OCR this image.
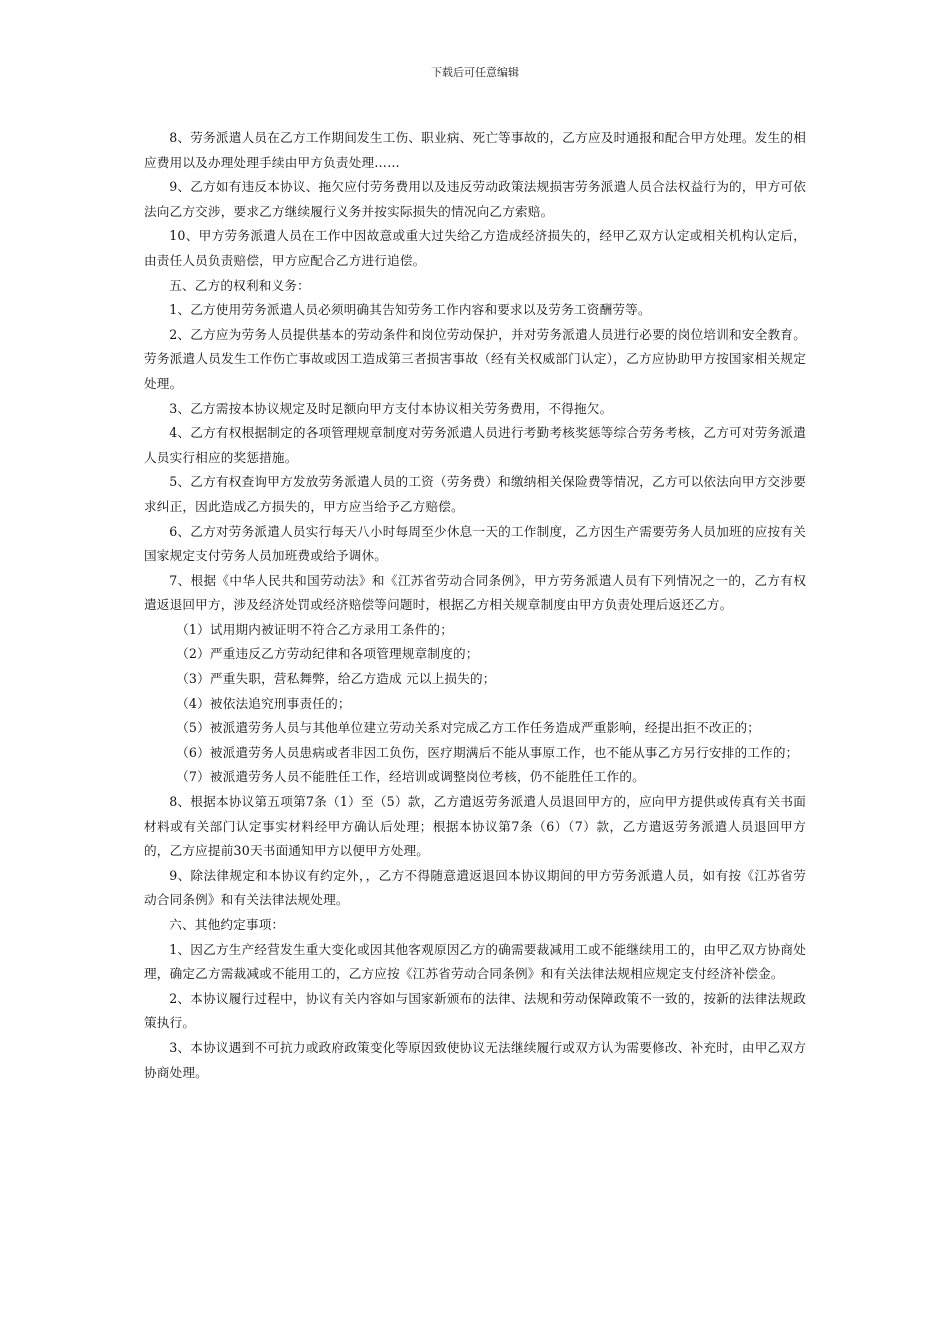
下载后可任意编辑

8、劳务派遣人员在乙方工作期间发生工伤、职业病、死亡等事故的，乙方应及时通报和配合甲方处理。发生的相应费用以及办理处理手续由甲方负责处理……

9、乙方如有违反本协议、拖欠应付劳务费用以及违反劳动政策法规损害劳务派遣人员合法权益行为的，甲方可依法向乙方交涉，要求乙方继续履行义务并按实际损失的情况向乙方索赔。

10、甲方劳务派遣人员在工作中因故意或重大过失给乙方造成经济损失的，经甲乙双方认定或相关机构认定后，由责任人员负责赔偿，甲方应配合乙方进行追偿。

五、乙方的权利和义务：

1、乙方使用劳务派遣人员必须明确其告知劳务工作内容和要求以及劳务工资酬劳等。

2、乙方应为劳务人员提供基本的劳动条件和岗位劳动保护，并对劳务派遣人员进行必要的岗位培训和安全教育。劳务派遣人员发生工作伤亡事故或因工造成第三者损害事故（经有关权威部门认定），乙方应协助甲方按国家相关规定处理。

3、乙方需按本协议规定及时足额向甲方支付本协议相关劳务费用，不得拖欠。

4、乙方有权根据制定的各项管理规章制度对劳务派遣人员进行考勤考核奖惩等综合劳务考核，乙方可对劳务派遣人员实行相应的奖惩措施。

5、乙方有权查询甲方发放劳务派遣人员的工资（劳务费）和缴纳相关保险费等情况，乙方可以依法向甲方交涉要求纠正，因此造成乙方损失的，甲方应当给予乙方赔偿。

6、乙方对劳务派遣人员实行每天八小时每周至少休息一天的工作制度，乙方因生产需要劳务人员加班的应按有关国家规定支付劳务人员加班费或给予调休。

7、根据《中华人民共和国劳动法》和《江苏省劳动合同条例》，甲方劳务派遣人员有下列情况之一的，乙方有权遣返退回甲方，涉及经济处罚或经济赔偿等问题时，根据乙方相关规章制度由甲方负责处理后返还乙方。

（1）试用期内被证明不符合乙方录用工条件的；

（2）严重违反乙方劳动纪律和各项管理规章制度的；

（3）严重失职，营私舞弊，给乙方造成 元以上损失的；

（4）被依法追究刑事责任的；

（5）被派遣劳务人员与其他单位建立劳动关系对完成乙方工作任务造成严重影响，经提出拒不改正的；

（6）被派遣劳务人员患病或者非因工负伤，医疗期满后不能从事原工作，也不能从事乙方另行安排的工作的；

（7）被派遣劳务人员不能胜任工作，经培训或调整岗位考核，仍不能胜任工作的。

8、根据本协议第五项第7条（1）至（5）款，乙方遣返劳务派遣人员退回甲方的，应向甲方提供或传真有关书面材料或有关部门认定事实材料经甲方确认后处理；根据本协议第7条（6）（7）款，乙方遣返劳务派遣人员退回甲方的，乙方应提前30天书面通知甲方以便甲方处理。

9、除法律规定和本协议有约定外，，乙方不得随意遣返退回本协议期间的甲方劳务派遣人员，如有按《江苏省劳动合同条例》和有关法律法规处理。

六、其他约定事项：

1、因乙方生产经营发生重大变化或因其他客观原因乙方的确需要裁减用工或不能继续用工的，由甲乙双方协商处理，确定乙方需裁减或不能用工的，乙方应按《江苏省劳动合同条例》和有关法律法规相应规定支付经济补偿金。

2、本协议履行过程中，协议有关内容如与国家新颁布的法律、法规和劳动保障政策不一致的，按新的法律法规政策执行。

3、本协议遇到不可抗力或政府政策变化等原因致使协议无法继续履行或双方认为需要修改、补充时，由甲乙双方协商处理。
